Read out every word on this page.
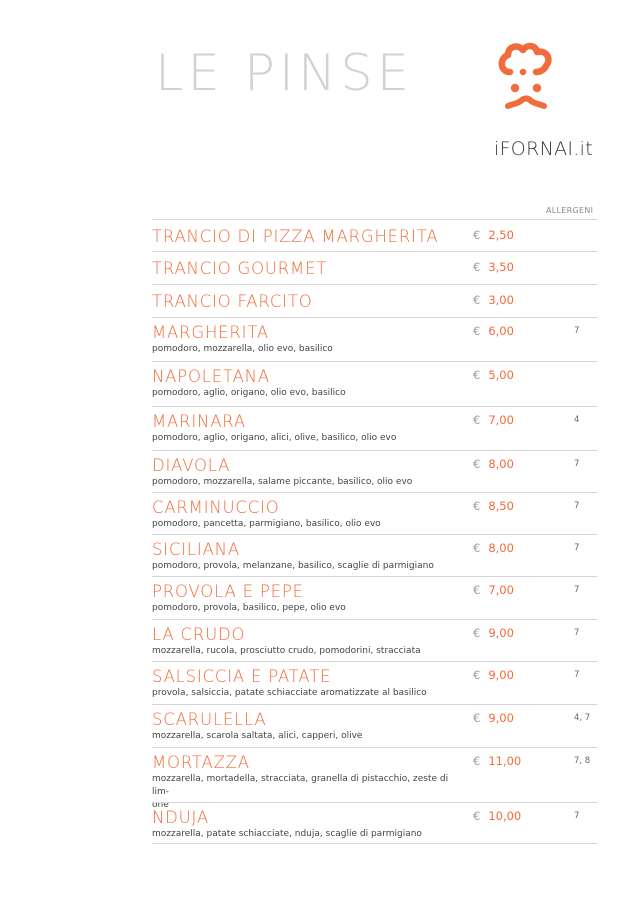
LE PINSE
iFORNAI.it
ALLERGENI
TRANCIO DI PIZZA MARGHERITA	€ 2,50
TRANCIO GOURMET	€ 3,50
TRANCIO FARCITO	€ 3,00
MARGHERITA
pomodoro, mozzarella, olio evo, basilico
€ 6,00	7
NAPOLETANA
pomodoro, aglio, origano, olio evo, basilico
€ 5,00
MARINARA
pomodoro, aglio, origano, alici, olive, basilico, olio evo
€ 7,00	4
DIAVOLA
pomodoro, mozzarella, salame piccante, basilico, olio evo
€ 8,00	7
CARMINUCCIO
pomodoro, pancetta, parmigiano, basilico, olio evo
€ 8,50	7
SICILIANA
pomodoro, provola, melanzane, basilico, scaglie di parmigiano
€ 8,00	7
PROVOLA E PEPE
pomodoro, provola, basilico, pepe, olio evo
€ 7,00	7
LA CRUDO
mozzarella, rucola, prosciutto crudo, pomodorini, stracciata
€ 9,00	7
SALSICCIA E PATATE
provola, salsiccia, patate schiacciate aromatizzate al basilico
€ 9,00	7
SCARULELLA
mozzarella, scarola saltata, alici, capperi, olive
€ 9,00	4, 7
MORTAZZA
mozzarella, mortadella, stracciata, granella di pistacchio, zeste di lim-
one
€ 11,00	7, 8
NDUJA
mozzarella, patate schiacciate, nduja, scaglie di parmigiano
€ 10,00	7
